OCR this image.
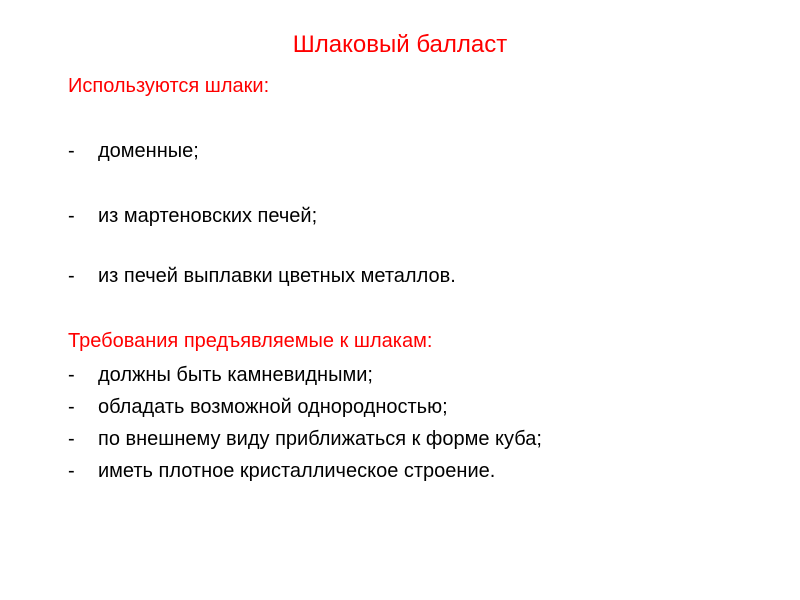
Шлаковый балласт
Используются шлаки:
- доменные;
- из мартеновских печей;
- из печей выплавки цветных металлов.
Требования предъявляемые к шлакам:
- должны быть камневидными;
- обладать возможной однородностью;
- по внешнему виду приближаться к форме куба;
- иметь плотное кристаллическое строение.
